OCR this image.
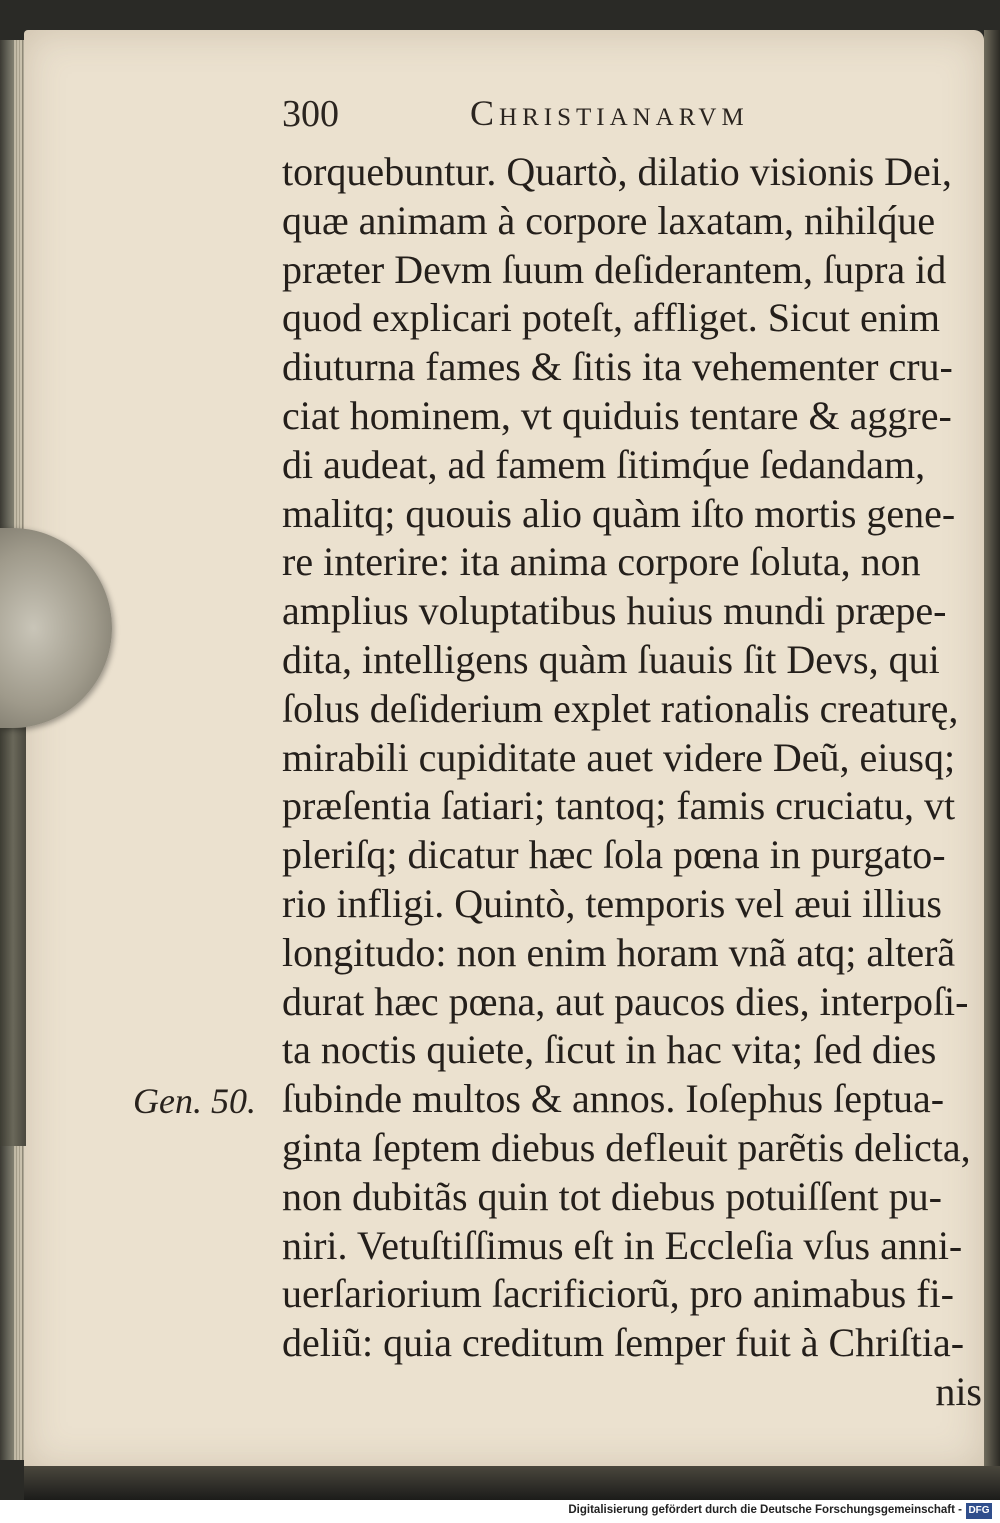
300	Christianarvm
Gen. 50.
torquebuntur. Quartò, dilatio visionis Dei,
quæ animam à corpore laxatam, nihilq́ue
præter Devm ſuum deſiderantem, ſupra id
quod explicari poteſt, affliget. Sicut enim
diuturna fames & ſitis ita vehementer cru-
ciat hominem, vt quiduis tentare & aggre-
di audeat, ad famem ſitimq́ue ſedandam,
malitq; quouis alio quàm iſto mortis gene-
re interire: ita anima corpore ſoluta, non
amplius voluptatibus huius mundi præpe-
dita, intelligens quàm ſuauis ſit Devs, qui
ſolus deſiderium explet rationalis creaturę,
mirabili cupiditate auet videre Deũ, eiusq;
præſentia ſatiari; tantoq; famis cruciatu, vt
pleriſq; dicatur hæc ſola pœna in purgato-
rio infligi. Quintò, temporis vel æui illius
longitudo: non enim horam vnã atq; alterã
durat hæc pœna, aut paucos dies, interpoſi-
ta noctis quiete, ſicut in hac vita; ſed dies
ſubinde multos & annos. Ioſephus ſeptua-
ginta ſeptem diebus defleuit parẽtis delicta,
non dubitãs quin tot diebus potuiſſent pu-
niri. Vetuſtiſſimus eſt in Eccleſia vſus anni-
uerſariorium ſacrificiorũ, pro animabus fi-
deliũ: quia creditum ſemper fuit à Chriſtia-
nis
Digitalisierung gefördert durch die Deutsche Forschungsgemeinschaft - DFG
